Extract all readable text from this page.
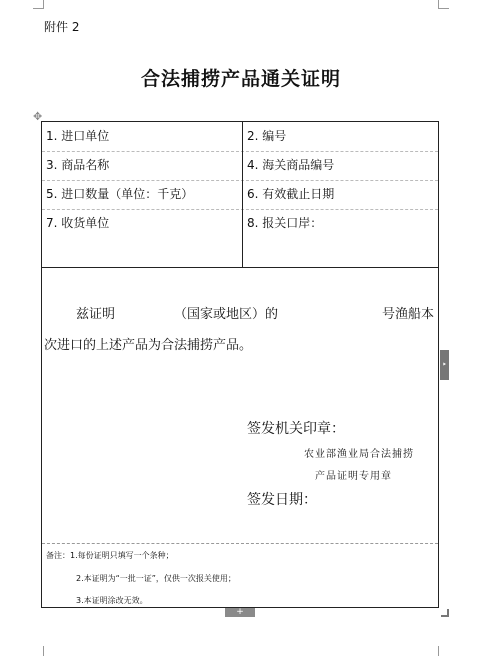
附件 2
合法捕捞产品通关证明
✥
1. 进口单位	2. 编号
3. 商品名称	4. 海关商品编号
5. 进口数量（单位：千克）	6. 有效截止日期
7. 收货单位	8. 报关口岸：
兹证明	（国家或地区）的	号渔船本
次进口的上述产品为合法捕捞产品。
签发机关印章：
农业部渔业局合法捕捞
产品证明专用章
签发日期：
备注：1.每份证明只填写一个条种；
2.本证明为“一批一证”，仅供一次报关使用；
3.本证明涂改无效。
‣
+
